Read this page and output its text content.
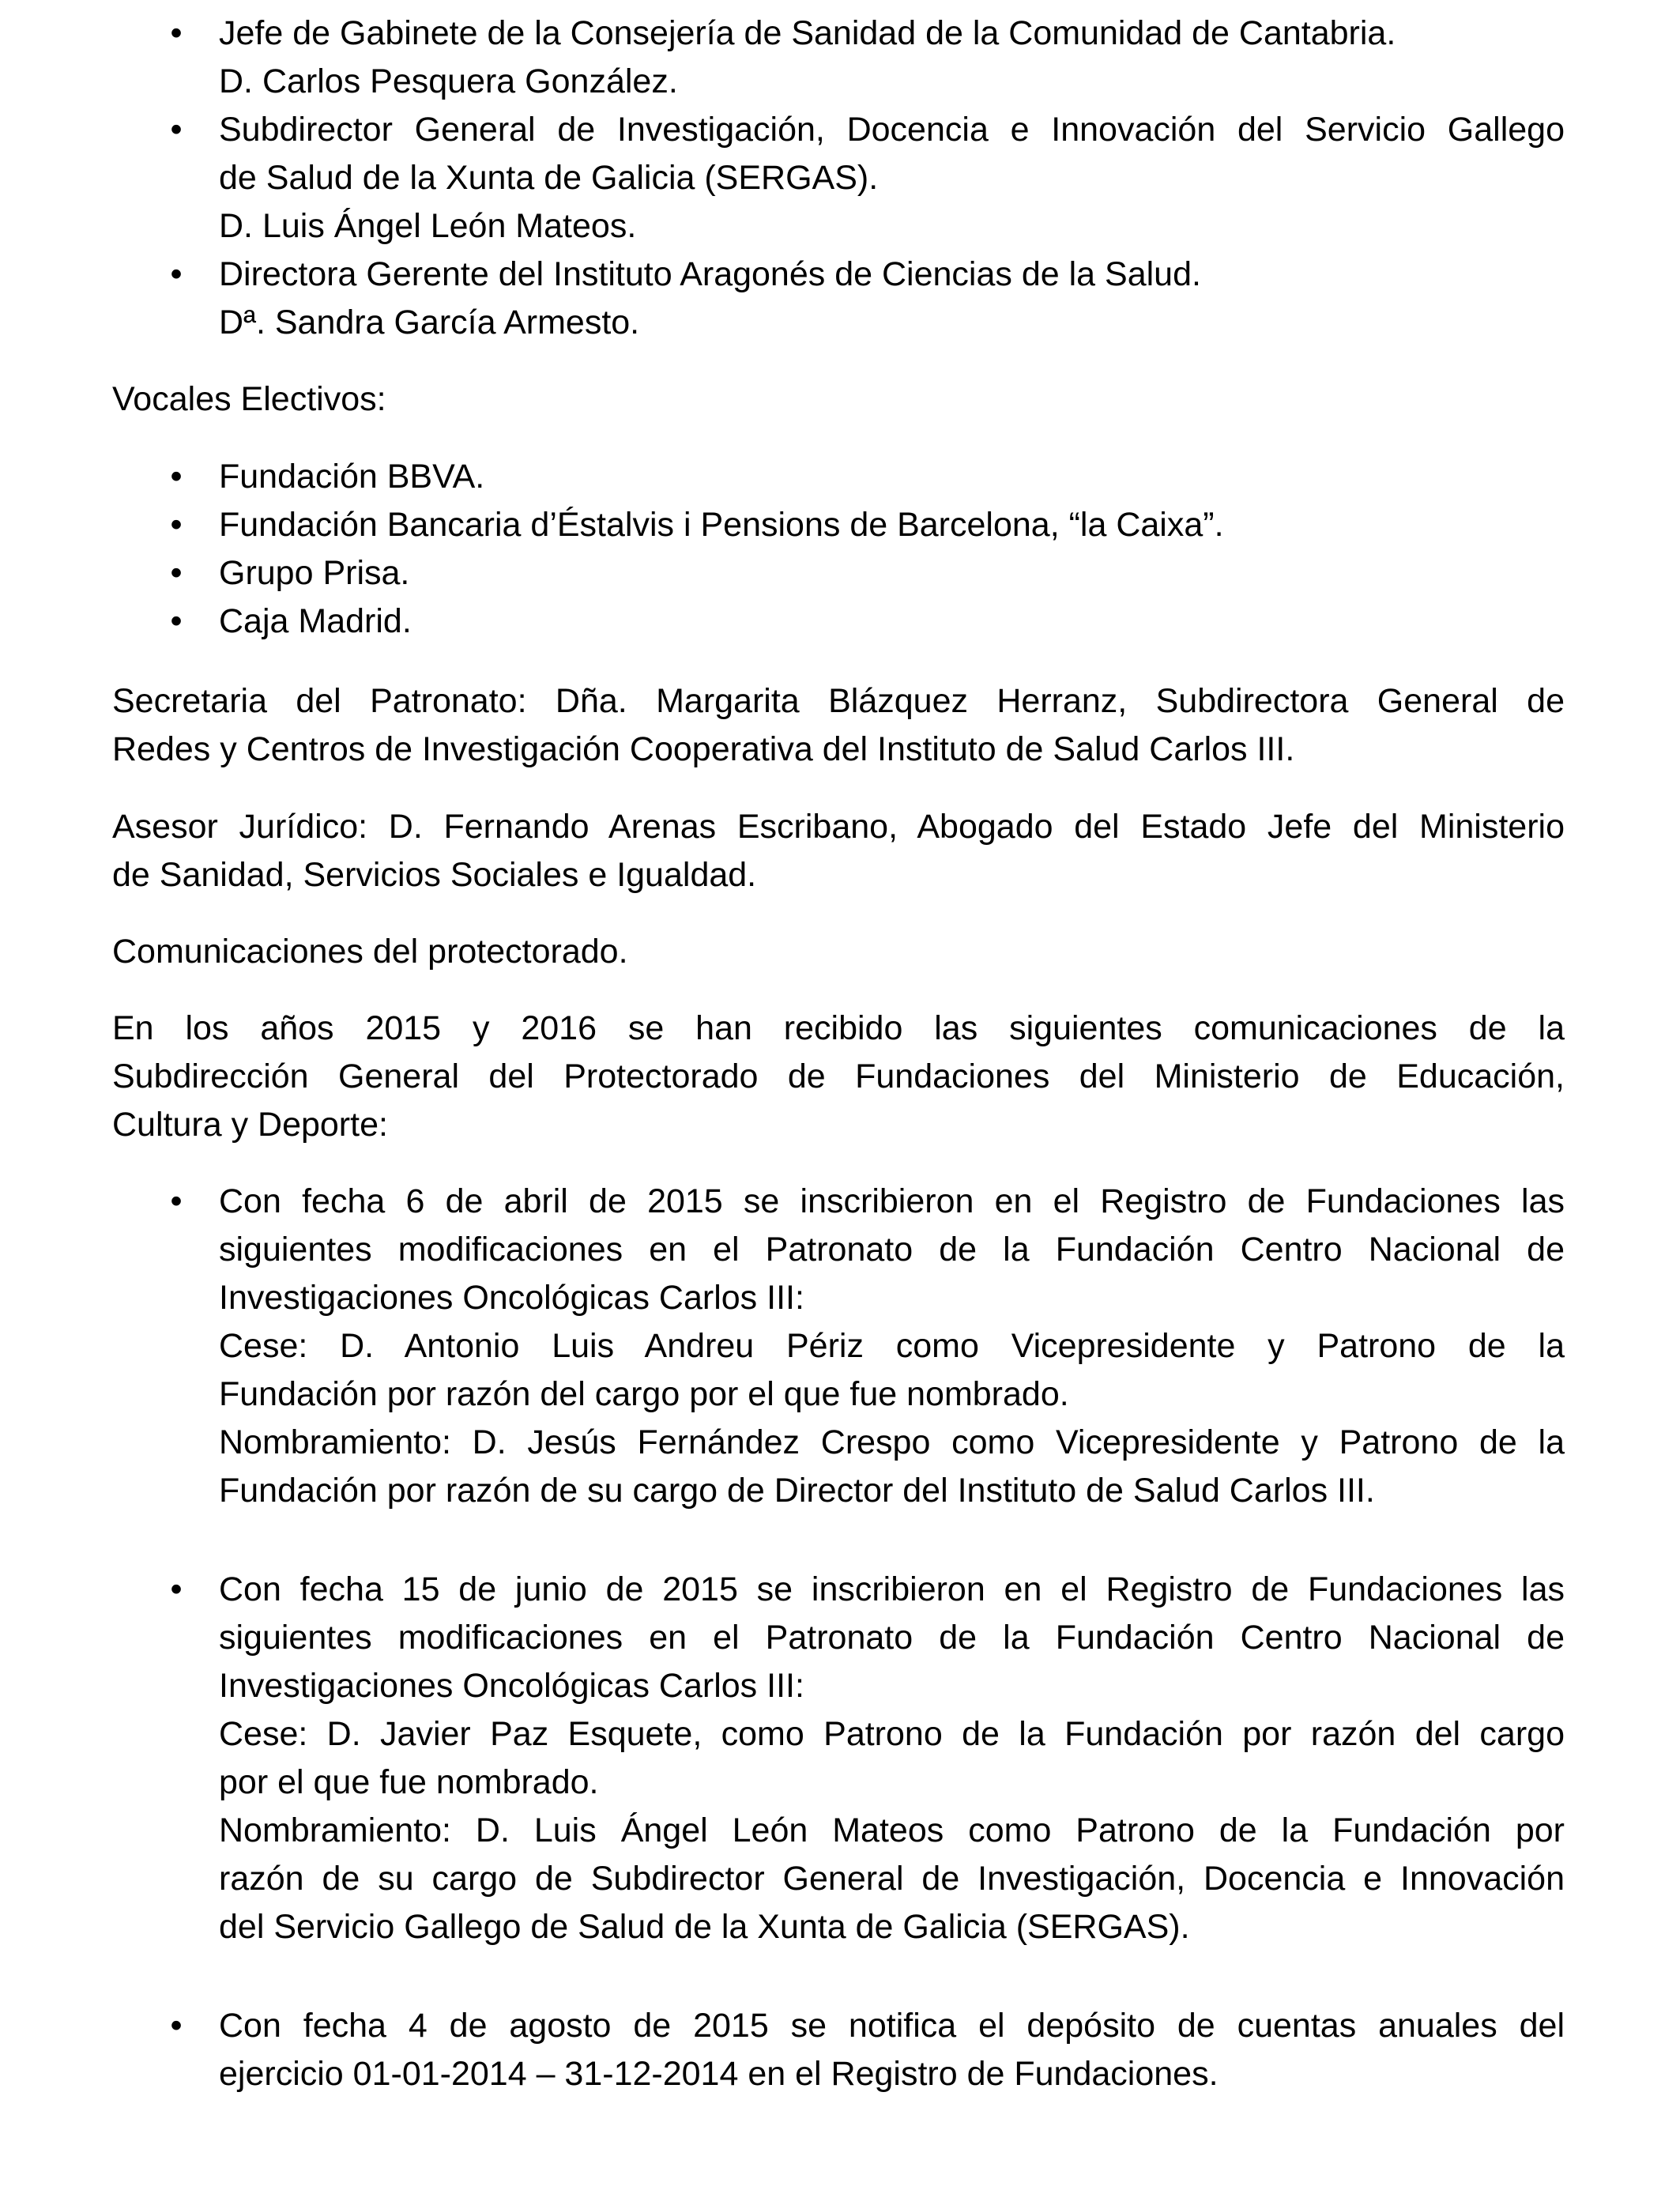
• Jefe de Gabinete de la Consejería de Sanidad de la Comunidad de Cantabria.
D. Carlos Pesquera González.
• Subdirector General de Investigación, Docencia e Innovación del Servicio Gallego
de Salud de la Xunta de Galicia (SERGAS).
D. Luis Ángel León Mateos.
• Directora Gerente del Instituto Aragonés de Ciencias de la Salud.
Dª. Sandra García Armesto.

Vocales Electivos:

• Fundación BBVA.
• Fundación Bancaria d’Éstalvis i Pensions de Barcelona, “la Caixa”.
• Grupo Prisa.
• Caja Madrid.
Secretaria del Patronato: Dña. Margarita Blázquez Herranz, Subdirectora General de
Redes y Centros de Investigación Cooperativa del Instituto de Salud Carlos III.
Asesor Jurídico: D. Fernando Arenas Escribano, Abogado del Estado Jefe del Ministerio
de Sanidad, Servicios Sociales e Igualdad.

Comunicaciones del protectorado.

En los años 2015 y 2016 se han recibido las siguientes comunicaciones de la
Subdirección General del Protectorado de Fundaciones del Ministerio de Educación,
Cultura y Deporte:
• Con fecha 6 de abril de 2015 se inscribieron en el Registro de Fundaciones las
siguientes modificaciones en el Patronato de la Fundación Centro Nacional de
Investigaciones Oncológicas Carlos III:
Cese: D. Antonio Luis Andreu Périz como Vicepresidente y Patrono de la
Fundación por razón del cargo por el que fue nombrado.
Nombramiento: D. Jesús Fernández Crespo como Vicepresidente y Patrono de la
Fundación por razón de su cargo de Director del Instituto de Salud Carlos III.
• Con fecha 15 de junio de 2015 se inscribieron en el Registro de Fundaciones las
siguientes modificaciones en el Patronato de la Fundación Centro Nacional de
Investigaciones Oncológicas Carlos III:
Cese: D. Javier Paz Esquete, como Patrono de la Fundación por razón del cargo
por el que fue nombrado.
Nombramiento: D. Luis Ángel León Mateos como Patrono de la Fundación por
razón de su cargo de Subdirector General de Investigación, Docencia e Innovación
del Servicio Gallego de Salud de la Xunta de Galicia (SERGAS).
• Con fecha 4 de agosto de 2015 se notifica el depósito de cuentas anuales del
ejercicio 01-01-2014 – 31-12-2014 en el Registro de Fundaciones.
